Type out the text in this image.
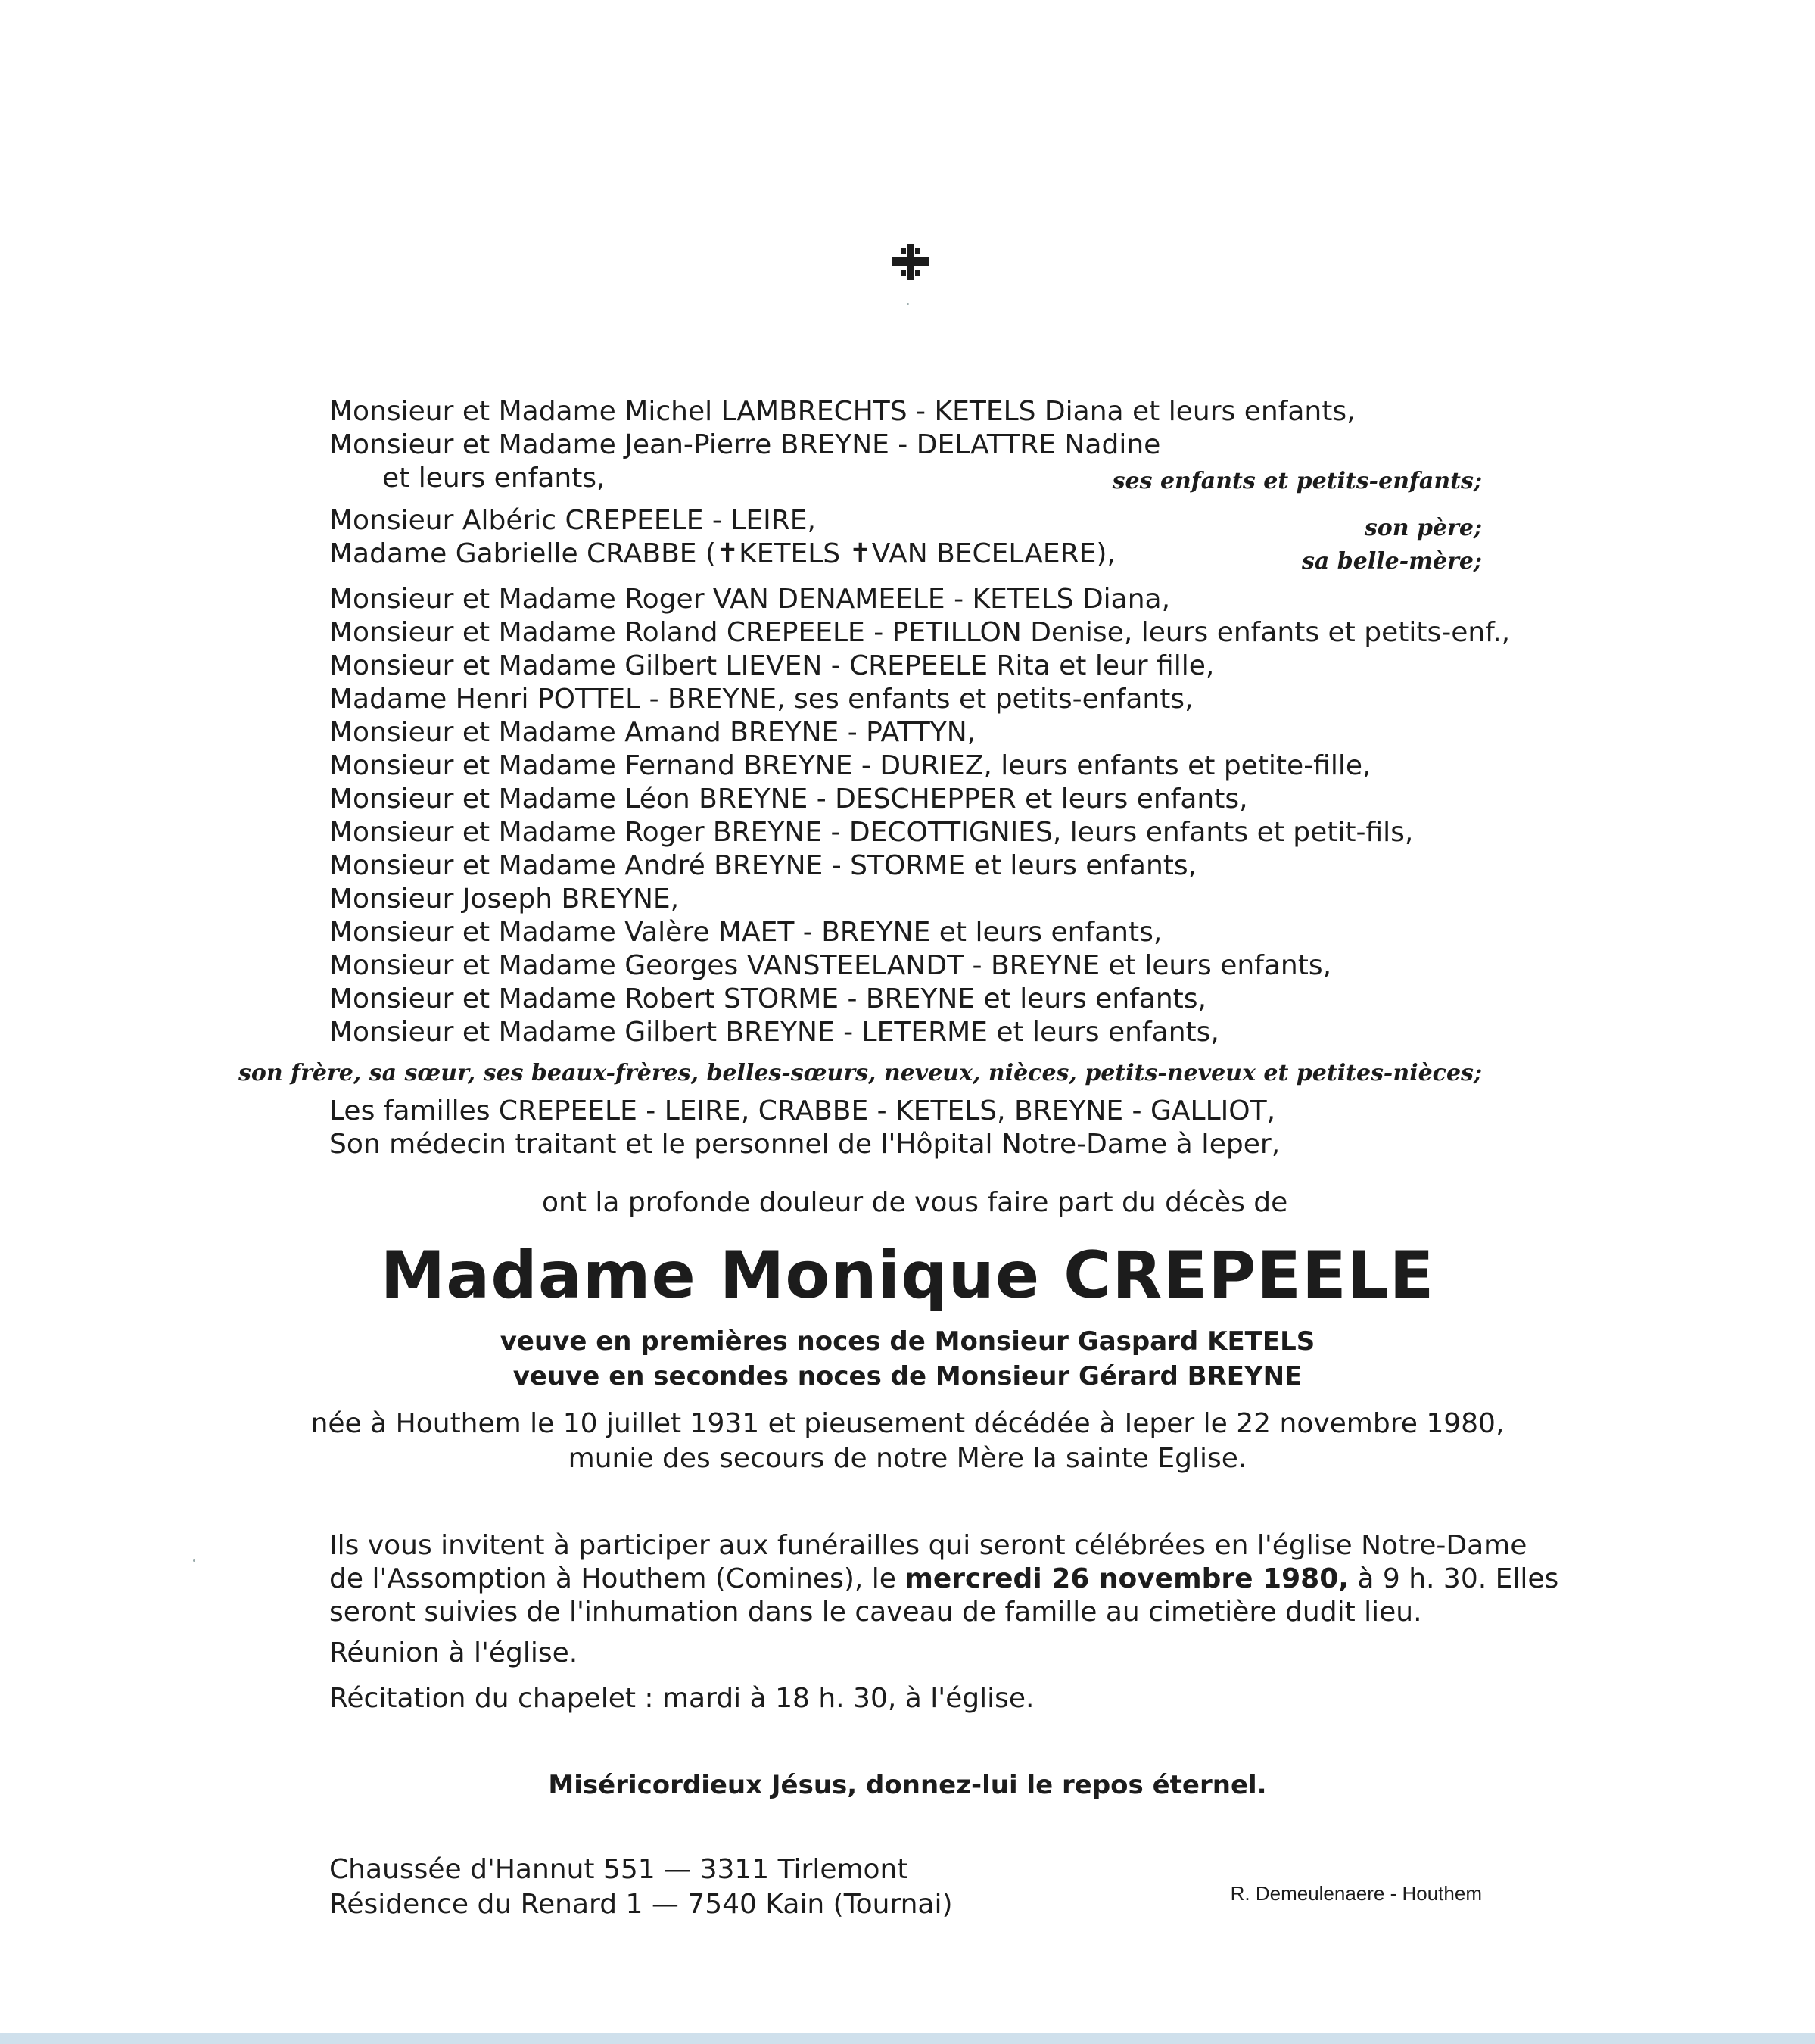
Monsieur et Madame Michel LAMBRECHTS - KETELS Diana et leurs enfants,
Monsieur et Madame Jean-Pierre BREYNE - DELATTRE Nadine
et leurs enfants,	ses enfants et petits-enfants;
Monsieur Albéric CREPEELE - LEIRE,	son père;
Madame Gabrielle CRABBE (✝KETELS ✝VAN BECELAERE),	sa belle-mère;
Monsieur et Madame Roger VAN DENAMEELE - KETELS Diana,
Monsieur et Madame Roland CREPEELE - PETILLON Denise, leurs enfants et petits-enf.,
Monsieur et Madame Gilbert LIEVEN - CREPEELE Rita et leur fille,
Madame Henri POTTEL - BREYNE, ses enfants et petits-enfants,
Monsieur et Madame Amand BREYNE - PATTYN,
Monsieur et Madame Fernand BREYNE - DURIEZ, leurs enfants et petite-fille,
Monsieur et Madame Léon BREYNE - DESCHEPPER et leurs enfants,
Monsieur et Madame Roger BREYNE - DECOTTIGNIES, leurs enfants et petit-fils,
Monsieur et Madame André BREYNE - STORME et leurs enfants,
Monsieur Joseph BREYNE,
Monsieur et Madame Valère MAET - BREYNE et leurs enfants,
Monsieur et Madame Georges VANSTEELANDT - BREYNE et leurs enfants,
Monsieur et Madame Robert STORME - BREYNE et leurs enfants,
Monsieur et Madame Gilbert BREYNE - LETERME et leurs enfants,
son frère, sa sœur, ses beaux-frères, belles-sœurs, neveux, nièces, petits-neveux et petites-nièces;
Les familles CREPEELE - LEIRE, CRABBE - KETELS, BREYNE - GALLIOT,
Son médecin traitant et le personnel de l'Hôpital Notre-Dame à Ieper,
ont la profonde douleur de vous faire part du décès de
Madame Monique CREPEELE
veuve en premières noces de Monsieur Gaspard KETELS
veuve en secondes noces de Monsieur Gérard BREYNE
née à Houthem le 10 juillet 1931 et pieusement décédée à Ieper le 22 novembre 1980,
munie des secours de notre Mère la sainte Eglise.
Ils vous invitent à participer aux funérailles qui seront célébrées en l'église Notre-Dame
de l'Assomption à Houthem (Comines), le mercredi 26 novembre 1980, à 9 h. 30. Elles
seront suivies de l'inhumation dans le caveau de famille au cimetière dudit lieu.
Réunion à l'église.
Récitation du chapelet : mardi à 18 h. 30, à l'église.
Miséricordieux Jésus, donnez-lui le repos éternel.
Chaussée d'Hannut 551 — 3311 Tirlemont
Résidence du Renard 1 — 7540 Kain (Tournai)	R. Demeulenaere - Houthem
